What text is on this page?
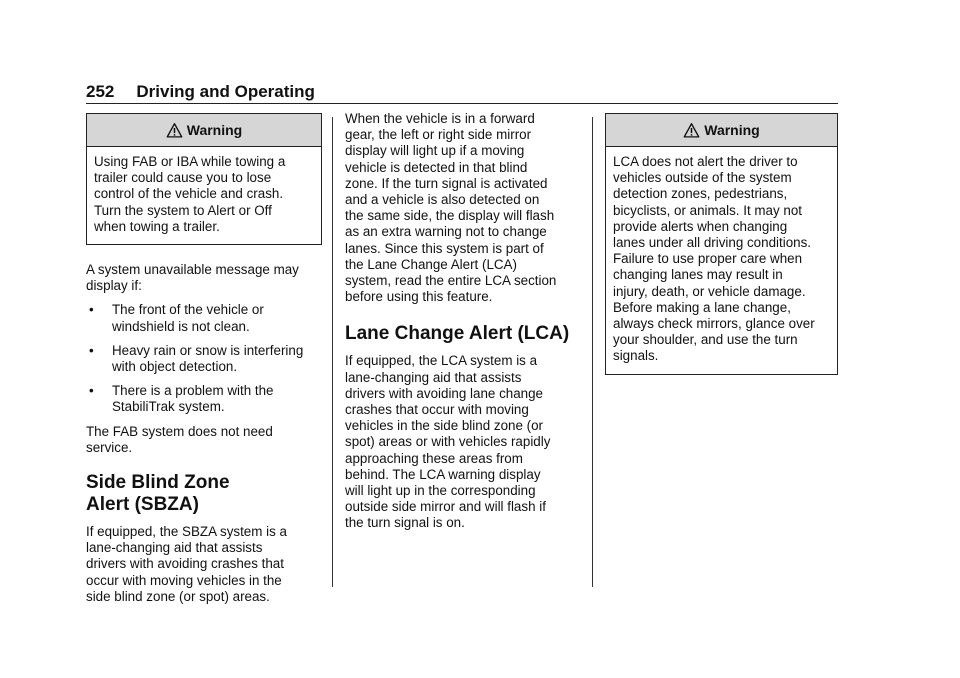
252 Driving and Operating
Warning
Using FAB or IBA while towing a
trailer could cause you to lose
control of the vehicle and crash.
Turn the system to Alert or Off
when towing a trailer.
A system unavailable message may
display if:
• The front of the vehicle or
windshield is not clean.
• Heavy rain or snow is interfering
with object detection.
• There is a problem with the
StabiliTrak system.
The FAB system does not need
service.
Side Blind Zone
Alert (SBZA)
If equipped, the SBZA system is a
lane-changing aid that assists
drivers with avoiding crashes that
occur with moving vehicles in the
side blind zone (or spot) areas.
When the vehicle is in a forward
gear, the left or right side mirror
display will light up if a moving
vehicle is detected in that blind
zone. If the turn signal is activated
and a vehicle is also detected on
the same side, the display will flash
as an extra warning not to change
lanes. Since this system is part of
the Lane Change Alert (LCA)
system, read the entire LCA section
before using this feature.
Lane Change Alert (LCA)
If equipped, the LCA system is a
lane-changing aid that assists
drivers with avoiding lane change
crashes that occur with moving
vehicles in the side blind zone (or
spot) areas or with vehicles rapidly
approaching these areas from
behind. The LCA warning display
will light up in the corresponding
outside side mirror and will flash if
the turn signal is on.
Warning
LCA does not alert the driver to
vehicles outside of the system
detection zones, pedestrians,
bicyclists, or animals. It may not
provide alerts when changing
lanes under all driving conditions.
Failure to use proper care when
changing lanes may result in
injury, death, or vehicle damage.
Before making a lane change,
always check mirrors, glance over
your shoulder, and use the turn
signals.
